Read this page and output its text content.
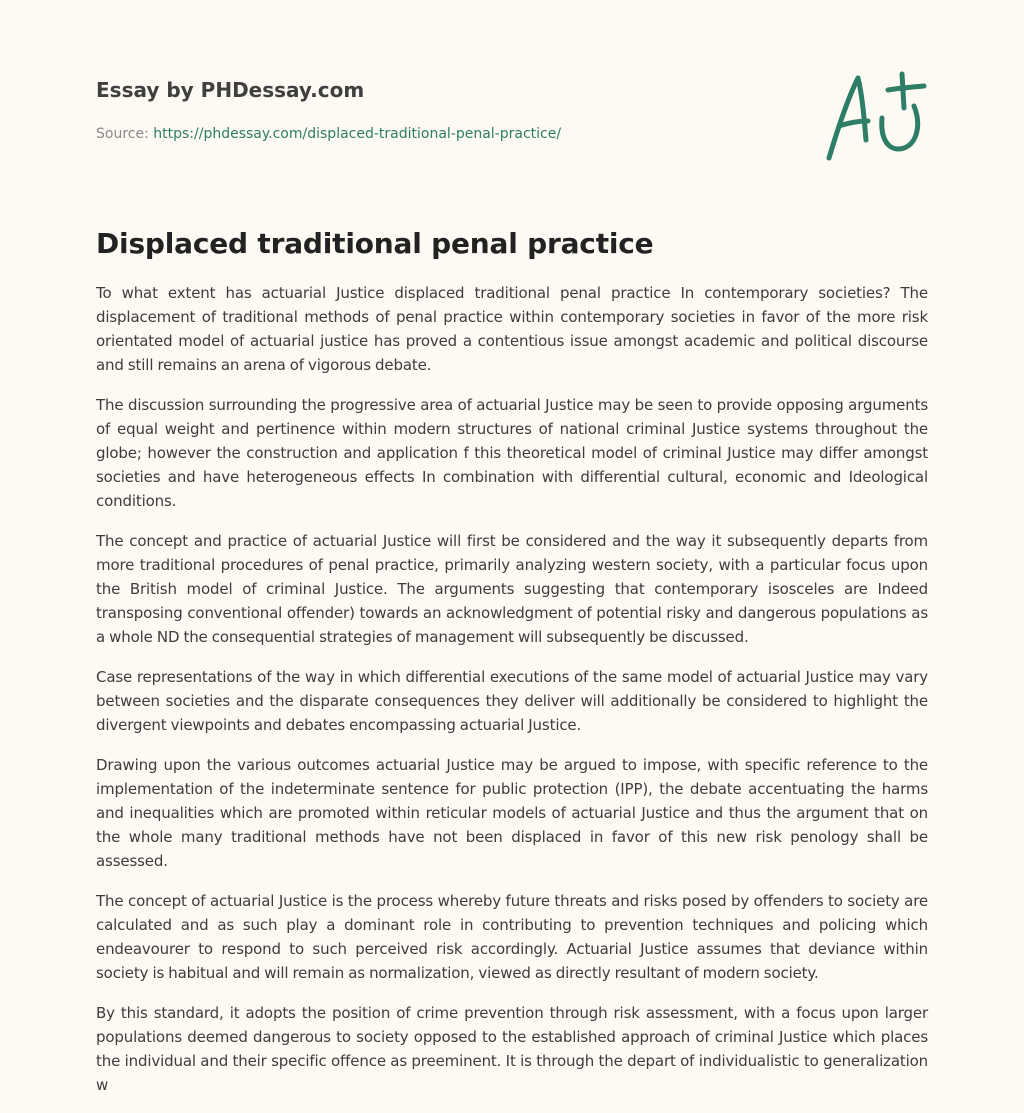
Essay by PHDessay.com
Source: https://phdessay.com/displaced-traditional-penal-practice/
Displaced traditional penal practice

To what extent has actuarial Justice displaced traditional penal practice In contemporary societies? The displacement of traditional methods of penal practice within contemporary societies in favor of the more risk orientated model of actuarial justice has proved a contentious issue amongst academic and political discourse and still remains an arena of vigorous debate.

The discussion surrounding the progressive area of actuarial Justice may be seen to provide opposing arguments of equal weight and pertinence within modern structures of national criminal Justice systems throughout the globe; however the construction and application f this theoretical model of criminal Justice may differ amongst societies and have heterogeneous effects In combination with differential cultural, economic and Ideological conditions.

The concept and practice of actuarial Justice will first be considered and the way it subsequently departs from more traditional procedures of penal practice, primarily analyzing western society, with a particular focus upon the British model of criminal Justice. The arguments suggesting that contemporary isosceles are Indeed transposing conventional offender) towards an acknowledgment of potential risky and dangerous populations as a whole ND the consequential strategies of management will subsequently be discussed.

Case representations of the way in which differential executions of the same model of actuarial Justice may vary between societies and the disparate consequences they deliver will additionally be considered to highlight the divergent viewpoints and debates encompassing actuarial Justice.

Drawing upon the various outcomes actuarial Justice may be argued to impose, with specific reference to the implementation of the indeterminate sentence for public protection (IPP), the debate accentuating the harms and inequalities which are promoted within reticular models of actuarial Justice and thus the argument that on the whole many traditional methods have not been displaced in favor of this new risk penology shall be assessed.

The concept of actuarial Justice is the process whereby future threats and risks posed by offenders to society are calculated and as such play a dominant role in contributing to prevention techniques and policing which endeavourer to respond to such perceived risk accordingly. Actuarial Justice assumes that deviance within society is habitual and will remain as normalization, viewed as directly resultant of modern society.

By this standard, it adopts the position of crime prevention through risk assessment, with a focus upon larger populations deemed dangerous to society opposed to the established approach of criminal Justice which places the individual and their specific offence as preeminent. It is through the depart of individualistic to generalization w
